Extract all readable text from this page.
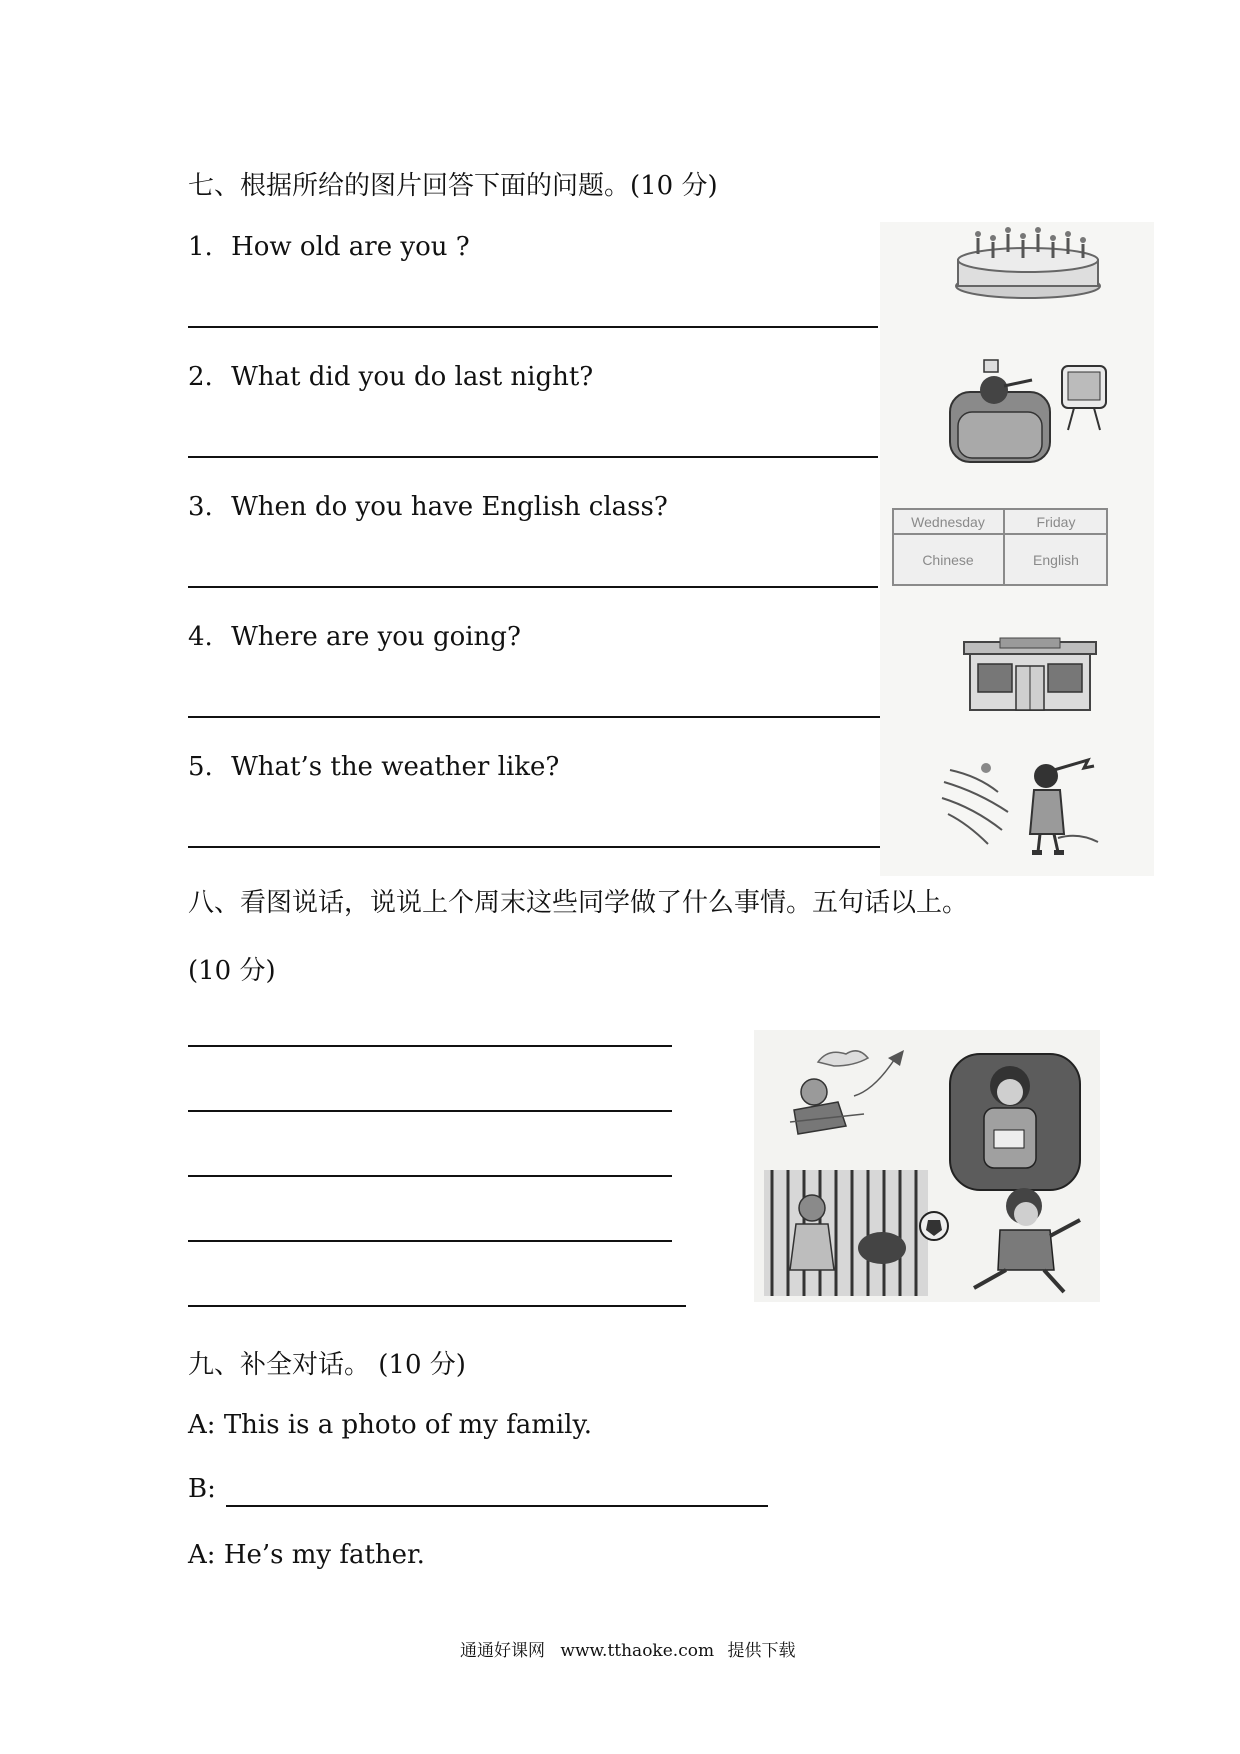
七、根据所给的图片回答下面的问题。(10 分)
1. How old are you ?
2. What did you do last night?
3. When do you have English class?
4. Where are you going?
5. What’s the weather like?
Wednesday	Friday
Chinese	English
八、看图说话，说说上个周末这些同学做了什么事情。五句话以上。
(10 分)
九、补全对话。 (10 分)
A: This is a photo of my family.
B:
A: He’s my father.
通通好课网 www.tthaoke.com 提供下载
